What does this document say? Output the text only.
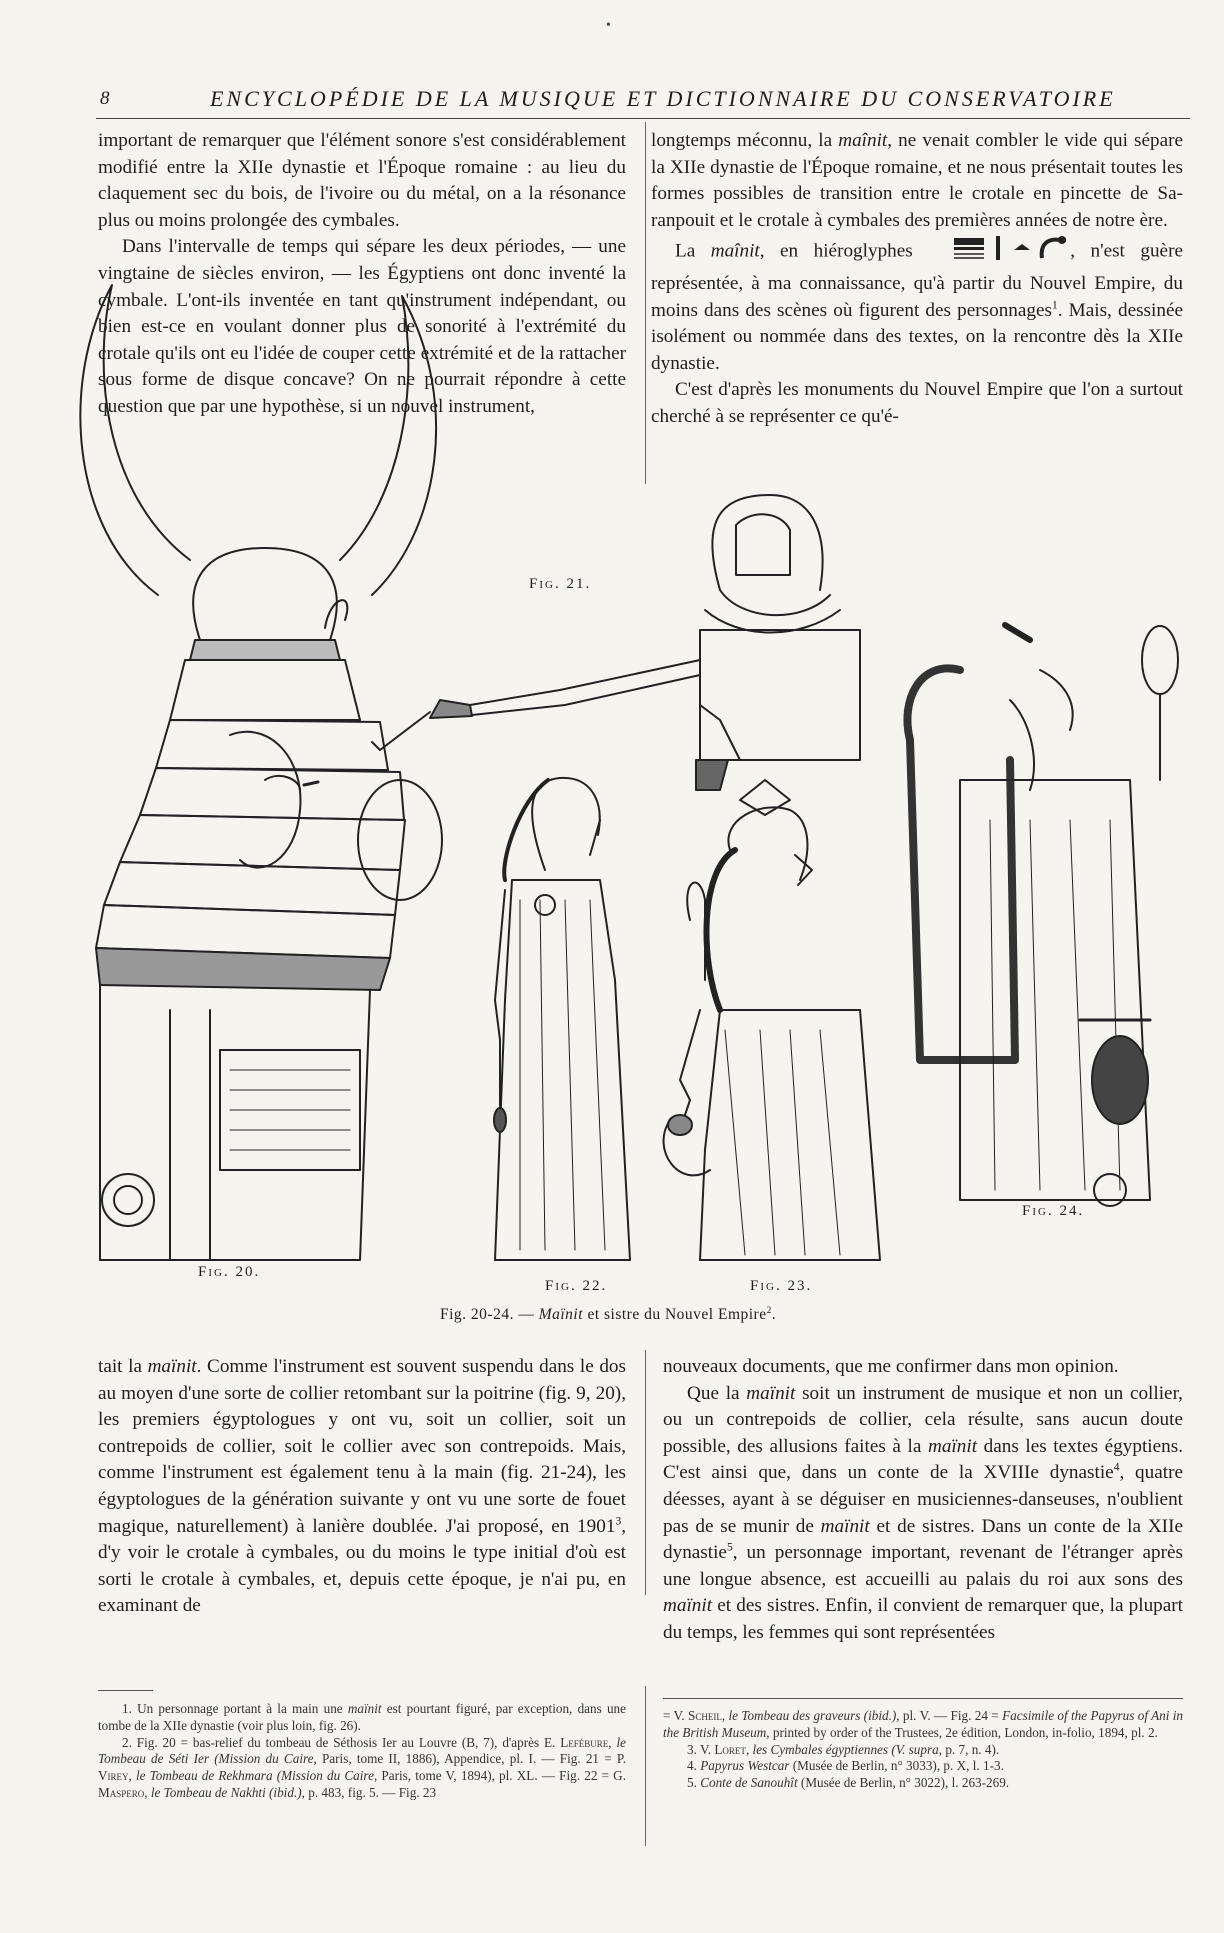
•
8	ENCYCLOPÉDIE DE LA MUSIQUE ET DICTIONNAIRE DU CONSERVATOIRE

important de remarquer que l'élément sonore s'est considérablement modifié entre la XIIe dynastie et l'Époque romaine : au lieu du claquement sec du bois, de l'ivoire ou du métal, on a la résonance plus ou moins prolongée des cymbales.

Dans l'intervalle de temps qui sépare les deux périodes, — une vingtaine de siècles environ, — les Égyptiens ont donc inventé la cymbale. L'ont-ils inventée en tant qu'instrument indépendant, ou bien est-ce en voulant donner plus de sonorité à l'extrémité du crotale qu'ils ont eu l'idée de couper cette extrémité et de la rattacher sous forme de disque concave? On ne pourrait répondre à cette question que par une hypothèse, si un nouvel instrument,

longtemps méconnu, la maînit, ne venait combler le vide qui sépare la XIIe dynastie de l'Époque romaine, et ne nous présentait toutes les formes possibles de transition entre le crotale en pincette de Sa-ranpouit et le crotale à cymbales des premières années de notre ère.

La maînit, en hiéroglyphes	, n'est guère représentée, à ma connaissance, qu'à partir du Nouvel Empire, du moins dans des scènes où figurent des personnages$^1$. Mais, dessinée isolément ou nommée dans des textes, on la rencontre dès la XIIe dynastie.

C'est d'après les monuments du Nouvel Empire que l'on a surtout cherché à se représenter ce qu'é-

Fig. 21.
Fig. 20.
Fig. 22.	Fig. 23.
Fig. 24.
Fig. 20-24. — Maïnit et sistre du Nouvel Empire$^2$.

tait la maïnit. Comme l'instrument est souvent suspendu dans le dos au moyen d'une sorte de collier retombant sur la poitrine (fig. 9, 20), les premiers égyptologues y ont vu, soit un collier, soit un contrepoids de collier, soit le collier avec son contrepoids. Mais, comme l'instrument est également tenu à la main (fig. 21-24), les égyptologues de la génération suivante y ont vu une sorte de fouet magique, naturellement) à lanière doublée. J'ai proposé, en 1901$^3$, d'y voir le crotale à cymbales, ou du moins le type initial d'où est sorti le crotale à cymbales, et, depuis cette époque, je n'ai pu, en examinant de

nouveaux documents, que me confirmer dans mon opinion.

Que la maïnit soit un instrument de musique et non un collier, ou un contrepoids de collier, cela résulte, sans aucun doute possible, des allusions faites à la maïnit dans les textes égyptiens. C'est ainsi que, dans un conte de la XVIIIe dynastie$^4$, quatre déesses, ayant à se déguiser en musiciennes-danseuses, n'oublient pas de se munir de maïnit et de sistres. Dans un conte de la XIIe dynastie$^5$, un personnage important, revenant de l'étranger après une longue absence, est accueilli au palais du roi aux sons des maïnit et des sistres. Enfin, il convient de remarquer que, la plupart du temps, les femmes qui sont représentées

1. Un personnage portant à la main une maïnit est pourtant figuré, par exception, dans une tombe de la XIIe dynastie (voir plus loin, fig. 26).

2. Fig. 20 = bas-relief du tombeau de Séthosis Ier au Louvre (B, 7), d'après E. Lefébure, le Tombeau de Séti Ier (Mission du Caire, Paris, tome II, 1886), Appendice, pl. I. — Fig. 21 = P. Virey, le Tombeau de Rekhmara (Mission du Caire, Paris, tome V, 1894), pl. XL. — Fig. 22 = G. Maspero, le Tombeau de Nakhti (ibid.), p. 483, fig. 5. — Fig. 23

= V. Scheil, le Tombeau des graveurs (ibid.), pl. V. — Fig. 24 = Facsimile of the Papyrus of Ani in the British Museum, printed by order of the Trustees, 2e édition, London, in-folio, 1894, pl. 2.

3. V. Loret, les Cymbales égyptiennes (V. supra, p. 7, n. 4).

4. Papyrus Westcar (Musée de Berlin, n° 3033), p. X, l. 1-3.

5. Conte de Sanouhît (Musée de Berlin, n° 3022), l. 263-269.
